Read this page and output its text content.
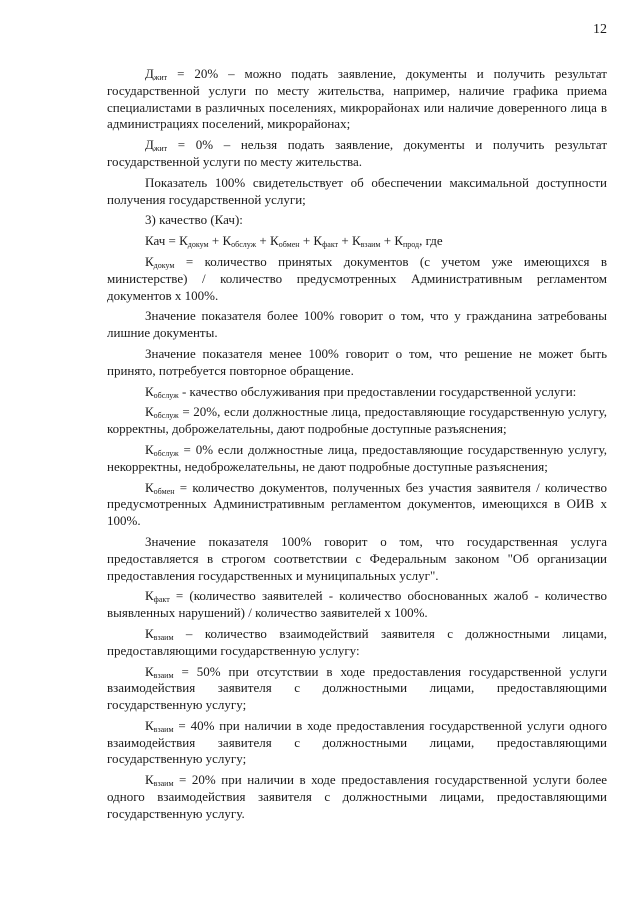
12

$Д_{жит} = 20\%$ – можно подать заявление, документы и получить результат государственной услуги по месту жительства, например, наличие графика приема специалистами в различных поселениях, микрорайонах или наличие доверенного лица в администрациях поселений, микрорайонах;

$Д_{жит} = 0\%$ – нельзя подать заявление, документы и получить результат государственной услуги по месту жительства.

Показатель 100% свидетельствует об обеспечении максимальной доступности получения государственной услуги;

3) качество (Кач):

Кач = $К_{докум} + К_{обслуж} + К_{обмен} + К_{факт} + К_{взаим} + К_{прод}$, где

$К_{докум}$ = количество принятых документов (с учетом уже имеющихся в министерстве) / количество предусмотренных Административным регламентом документов х 100%.

Значение показателя более 100% говорит о том, что у гражданина затребованы лишние документы.

Значение показателя менее 100% говорит о том, что решение не может быть принято, потребуется повторное обращение.

$К_{обслуж}$ - качество обслуживания при предоставлении государственной услуги:

$К_{обслуж} = 20\%$, если должностные лица, предоставляющие государственную услугу, корректны, доброжелательны, дают подробные доступные разъяснения;

$К_{обслуж} = 0\%$ если должностные лица, предоставляющие государственную услугу, некорректны, недоброжелательны, не дают подробные доступные разъяснения;

$К_{обмен}$ = количество документов, полученных без участия заявителя / количество предусмотренных Административным регламентом документов, имеющихся в ОИВ х 100%.

Значение показателя 100% говорит о том, что государственная услуга предоставляется в строгом соответствии с Федеральным законом "Об организации предоставления государственных и муниципальных услуг".

$К_{факт}$ = (количество заявителей - количество обоснованных жалоб - количество выявленных нарушений) / количество заявителей х 100%.

$К_{взаим}$ – количество взаимодействий заявителя с должностными лицами, предоставляющими государственную услугу:

$К_{взаим} = 50\%$ при отсутствии в ходе предоставления государственной услуги взаимодействия заявителя с должностными лицами, предоставляющими государственную услугу;

$К_{взаим} = 40\%$ при наличии в ходе предоставления государственной услуги одного взаимодействия заявителя с должностными лицами, предоставляющими государственную услугу;

$К_{взаим} = 20\%$ при наличии в ходе предоставления государственной услуги более одного взаимодействия заявителя с должностными лицами, предоставляющими государственную услугу.
